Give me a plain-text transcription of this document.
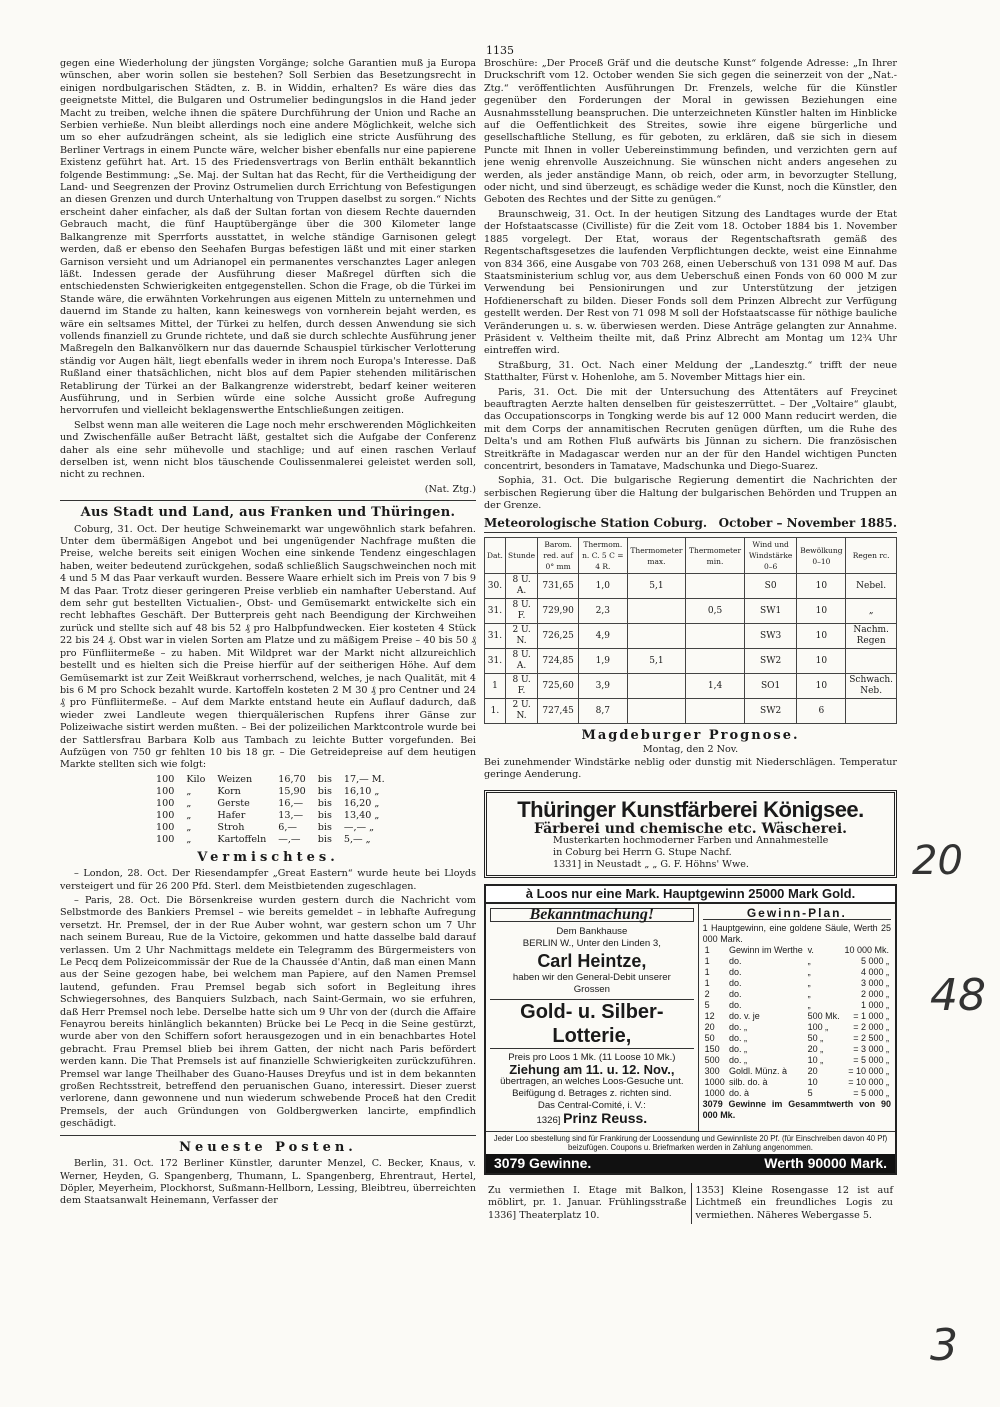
1135

gegen eine Wiederholung der jüngsten Vorgänge; solche Garantien muß ja Europa wünschen, aber worin sollen sie bestehen? Soll Serbien das Besetzungsrecht in einigen nordbulgarischen Städten, z. B. in Widdin, erhalten? Es wäre dies das geeignetste Mittel, die Bulgaren und Ostrumelier bedingungslos in die Hand jeder Macht zu treiben, welche ihnen die spätere Durchführung der Union und Rache an Serbien verhieße. Nun bleibt allerdings noch eine andere Möglichkeit, welche sich um so eher aufzudrängen scheint, als sie lediglich eine stricte Ausführung des Berliner Vertrags in einem Puncte wäre, welcher bisher ebenfalls nur eine papierene Existenz geführt hat. Art. 15 des Friedensvertrags von Berlin enthält bekanntlich folgende Bestimmung: „Se. Maj. der Sultan hat das Recht, für die Vertheidigung der Land- und Seegrenzen der Provinz Ostrumelien durch Errichtung von Befestigungen an diesen Grenzen und durch Unterhaltung von Truppen daselbst zu sorgen.“ Nichts erscheint daher einfacher, als daß der Sultan fortan von diesem Rechte dauernden Gebrauch macht, die fünf Hauptübergänge über die 300 Kilometer lange Balkangrenze mit Sperrforts ausstattet, in welche ständige Garnisonen gelegt werden, daß er ebenso den Seehafen Burgas befestigen läßt und mit einer starken Garnison versieht und um Adrianopel ein permanentes verschanztes Lager anlegen läßt. Indessen gerade der Ausführung dieser Maßregel dürften sich die entschiedensten Schwierigkeiten entgegenstellen. Schon die Frage, ob die Türkei im Stande wäre, die erwähnten Vorkehrungen aus eigenen Mitteln zu unternehmen und dauernd im Stande zu halten, kann keineswegs von vornherein bejaht werden, es wäre ein seltsames Mittel, der Türkei zu helfen, durch dessen Anwendung sie sich vollends finanziell zu Grunde richtete, und daß sie durch schlechte Ausführung jener Maßregeln den Balkanvölkern nur das dauernde Schauspiel türkischer Verlotterung ständig vor Augen hält, liegt ebenfalls weder in ihrem noch Europa's Interesse. Daß Rußland einer thatsächlichen, nicht blos auf dem Papier stehenden militärischen Retablirung der Türkei an der Balkangrenze widerstrebt, bedarf keiner weiteren Ausführung, und in Serbien würde eine solche Aussicht große Aufregung hervorrufen und vielleicht beklagenswerthe Entschließungen zeitigen.

Selbst wenn man alle weiteren die Lage noch mehr erschwerenden Möglichkeiten und Zwischenfälle außer Betracht läßt, gestaltet sich die Aufgabe der Conferenz daher als eine sehr mühevolle und stachlige; und auf einen raschen Verlauf derselben ist, wenn nicht blos täuschende Coulissenmalerei geleistet werden soll, nicht zu rechnen.

(Nat. Ztg.)
Aus Stadt und Land, aus Franken und Thüringen.

Coburg, 31. Oct. Der heutige Schweinemarkt war ungewöhnlich stark befahren. Unter dem übermäßigen Angebot und bei ungenügender Nachfrage mußten die Preise, welche bereits seit einigen Wochen eine sinkende Tendenz eingeschlagen haben, weiter bedeutend zurückgehen, sodaß schließlich Saugschweinchen noch mit 4 und 5 M das Paar verkauft wurden. Bessere Waare erhielt sich im Preis von 7 bis 9 M das Paar. Trotz dieser geringeren Preise verblieb ein namhafter Ueberstand. Auf dem sehr gut bestellten Victualien-, Obst- und Gemüsemarkt entwickelte sich ein recht lebhaftes Geschäft. Der Butterpreis geht nach Beendigung der Kirchweihen zurück und stellte sich auf 48 bis 52 ₰ pro Halbpfundwecken. Eier kosteten 4 Stück 22 bis 24 ₰. Obst war in vielen Sorten am Platze und zu mäßigem Preise – 40 bis 50 ₰ pro Fünfliitermeße – zu haben. Mit Wildpret war der Markt nicht allzureichlich bestellt und es hielten sich die Preise hierfür auf der seitherigen Höhe. Auf dem Gemüsemarkt ist zur Zeit Weißkraut vorherrschend, welches, je nach Qualität, mit 4 bis 6 M pro Schock bezahlt wurde. Kartoffeln kosteten 2 M 30 ₰ pro Centner und 24 ₰ pro Fünfliitermeße. – Auf dem Markte entstand heute ein Auflauf dadurch, daß wieder zwei Landleute wegen thierquälerischen Rupfens ihrer Gänse zur Polizeiwache sistirt werden mußten. – Bei der polizeilichen Marktcontrole wurde bei der Sattlersfrau Barbara Kolb aus Tambach zu leichte Butter vorgefunden. Bei Aufzügen von 750 gr fehlten 10 bis 18 gr. – Die Getreidepreise auf dem heutigen Markte stellten sich wie folgt:

100	Kilo	Weizen	16,70	bis	17,— M.
100	„	Korn	15,90	bis	16,10 „
100	„	Gerste	16,—	bis	16,20 „
100	„	Hafer	13,—	bis	13,40 „
100	„	Stroh	6,—	bis	—,— „
100	„	Kartoffeln	—,—	bis	5,— „
Vermischtes.

– London, 28. Oct. Der Riesendampfer „Great Eastern“ wurde heute bei Lloyds versteigert und für 26 200 Pfd. Sterl. dem Meistbietenden zugeschlagen.

– Paris, 28. Oct. Die Börsenkreise wurden gestern durch die Nachricht vom Selbstmorde des Bankiers Premsel – wie bereits gemeldet – in lebhafte Aufregung versetzt. Hr. Premsel, der in der Rue Auber wohnt, war gestern schon um 7 Uhr nach seinem Bureau, Rue de la Victoire, gekommen und hatte dasselbe bald darauf verlassen. Um 2 Uhr Nachmittags meldete ein Telegramm des Bürgermeisters von Le Pecq dem Polizeicommissär der Rue de la Chaussée d'Antin, daß man einen Mann aus der Seine gezogen habe, bei welchem man Papiere, auf den Namen Premsel lautend, gefunden. Frau Premsel begab sich sofort in Begleitung ihres Schwiegersohnes, des Banquiers Sulzbach, nach Saint-Germain, wo sie erfuhren, daß Herr Premsel noch lebe. Derselbe hatte sich um 9 Uhr von der (durch die Affaire Fenayrou bereits hinlänglich bekannten) Brücke bei Le Pecq in die Seine gestürzt, wurde aber von den Schiffern sofort herausgezogen und in ein benachbartes Hotel gebracht. Frau Premsel blieb bei ihrem Gatten, der nicht nach Paris befördert werden kann. Die That Premsels ist auf finanzielle Schwierigkeiten zurückzuführen. Premsel war lange Theilhaber des Guano-Hauses Dreyfus und ist in dem bekannten großen Rechtsstreit, betreffend den peruanischen Guano, interessirt. Dieser zuerst verlorene, dann gewonnene und nun wiederum schwebende Proceß hat den Credit Premsels, der auch Gründungen von Goldbergwerken lancirte, empfindlich geschädigt.

Neueste Posten.

Berlin, 31. Oct. 172 Berliner Künstler, darunter Menzel, C. Becker, Knaus, v. Werner, Heyden, G. Spangenberg, Thumann, L. Spangenberg, Ehrentraut, Hertel, Döpler, Meyerheim, Plockhorst, Sußmann-Hellborn, Lessing, Bleibtreu, überreichten dem Staatsanwalt Heinemann, Verfasser der

Broschüre: „Der Proceß Gräf und die deutsche Kunst“ folgende Adresse: „In Ihrer Druckschrift vom 12. October wenden Sie sich gegen die seinerzeit von der „Nat.-Ztg.“ veröffentlichten Ausführungen Dr. Frenzels, welche für die Künstler gegenüber den Forderungen der Moral in gewissen Beziehungen eine Ausnahmsstellung beanspruchen. Die unterzeichneten Künstler halten im Hinblicke auf die Oeffentlichkeit des Streites, sowie ihre eigene bürgerliche und gesellschaftliche Stellung, es für geboten, zu erklären, daß sie sich in diesem Puncte mit Ihnen in voller Uebereinstimmung befinden, und verzichten gern auf jene wenig ehrenvolle Auszeichnung. Sie wünschen nicht anders angesehen zu werden, als jeder anständige Mann, ob reich, oder arm, in bevorzugter Stellung, oder nicht, und sind überzeugt, es schädige weder die Kunst, noch die Künstler, den Geboten des Rechtes und der Sitte zu genügen.“

Braunschweig, 31. Oct. In der heutigen Sitzung des Landtages wurde der Etat der Hofstaatscasse (Civilliste) für die Zeit vom 18. October 1884 bis 1. November 1885 vorgelegt. Der Etat, woraus der Regentschaftsrath gemäß des Regentschaftsgesetzes die laufenden Verpflichtungen deckte, weist eine Einnahme von 834 366, eine Ausgabe von 703 268, einen Ueberschuß von 131 098 M auf. Das Staatsministerium schlug vor, aus dem Ueberschuß einen Fonds von 60 000 M zur Verwendung bei Pensionirungen und zur Unterstützung der jetzigen Hofdienerschaft zu bilden. Dieser Fonds soll dem Prinzen Albrecht zur Verfügung gestellt werden. Der Rest von 71 098 M soll der Hofstaatscasse für nöthige bauliche Veränderungen u. s. w. überwiesen werden. Diese Anträge gelangten zur Annahme. Präsident v. Veltheim theilte mit, daß Prinz Albrecht am Montag um 12¾ Uhr eintreffen wird.

Straßburg, 31. Oct. Nach einer Meldung der „Landesztg.“ trifft der neue Statthalter, Fürst v. Hohenlohe, am 5. November Mittags hier ein.

Paris, 31. Oct. Die mit der Untersuchung des Attentäters auf Freycinet beauftragten Aerzte halten denselben für geisteszerrüttet. – Der „Voltaire“ glaubt, das Occupationscorps in Tongking werde bis auf 12 000 Mann reducirt werden, die mit dem Corps der annamitischen Recruten genügen dürften, um die Ruhe des Delta's und am Rothen Fluß aufwärts bis Jünnan zu sichern. Die französischen Streitkräfte in Madagascar werden nur an der für den Handel wichtigen Puncten concentrirt, besonders in Tamatave, Madschunka und Diego-Suarez.

Sophia, 31. Oct. Die bulgarische Regierung dementirt die Nachrichten der serbischen Regierung über die Haltung der bulgarischen Behörden und Truppen an der Grenze.

Meteorologische Station Coburg. October – November 1885.
Dat.	Stunde	Barom. red. auf 0° mm	Thermom. n. C. 5 C = 4 R.	Thermometer max.	Thermometer min.	Wind und Windstärke 0–6	Bewölkung 0–10	Regen rc.
30.	8 U. A.	731,65	1,0	5,1		S0	10	Nebel.
31.	8 U. F.	729,90	2,3		0,5	SW1	10	„
31.	2 U. N.	726,25	4,9			SW3	10	Nachm. Regen
31.	8 U. A.	724,85	1,9	5,1		SW2	10	
1	8 U. F.	725,60	3,9		1,4	SO1	10	Schwach. Neb.
1.	2 U. N.	727,45	8,7			SW2	6	
Magdeburger Prognose.
Montag, den 2 Nov.

Bei zunehmender Windstärke neblig oder dunstig mit Niederschlägen. Temperatur geringe Aenderung.

Thüringer Kunstfärberei Königsee.
Färberei und chemische etc. Wäscherei.
Musterkarten hochmoderner Farben und Annahmestelle
in Coburg bei Herrn G. Stupe Nachf.
1331] in Neustadt „ „ G. F. Höhns' Wwe.
à Loos nur eine Mark. Hauptgewinn 25000 Mark Gold.
Bekanntmachung!
Dem Bankhause
BERLIN W., Unter den Linden 3,
Carl Heintze,
haben wir den General-Debit unserer
Grossen
Gold- u. Silber-Lotterie,
Preis pro Loos 1 Mk. (11 Loose 10 Mk.)
Ziehung am 11. u. 12. Nov.,
übertragen, an welches Loos-Gesuche unt. Beifügung d. Betrages z. richten sind.
Das Central-Comité, i. V.:
1326] Prinz Reuss.
Gewinn-Plan.
1 Hauptgewinn, eine goldene Säule, Werth 25 000 Mark.
1	Gewinn im Werthe	v.	10 000 Mk.
1	do.	„	5 000 „
1	do.	„	4 000 „
1	do.	„	3 000 „
2	do.	„	2 000 „
5	do.	„	1 000 „
12	do. v. je	500 Mk.	= 1 000 „
20	do. „	100 „	= 2 000 „
50	do. „	50 „	= 2 500 „
150	do. „	20 „	= 3 000 „
500	do. „	10 „	= 5 000 „
300	Goldl. Münz. à	20	= 10 000 „
1000	silb. do. à	10	= 10 000 „
1000	do. à	5	= 5 000 „
3079 Gewinne im Gesammtwerth von 90 000 Mk.
Jeder Loo sbestellung sind für Frankirung der Loossendung und Gewinnliste 20 Pf. (für Einschreiben davon 40 Pf) beizufügen. Coupons u. Briefmarken werden in Zahlung angenommen.
3079 Gewinne.	Werth 90000 Mark.
Zu vermiethen I. Etage mit Balkon, möblirt, pr. 1. Januar. Frühlingsstraße 1336] Theaterplatz 10.
1353] Kleine Rosengasse 12 ist auf Lichtmeß ein freundliches Logis zu vermiethen. Näheres Webergasse 5.
20
48
3
